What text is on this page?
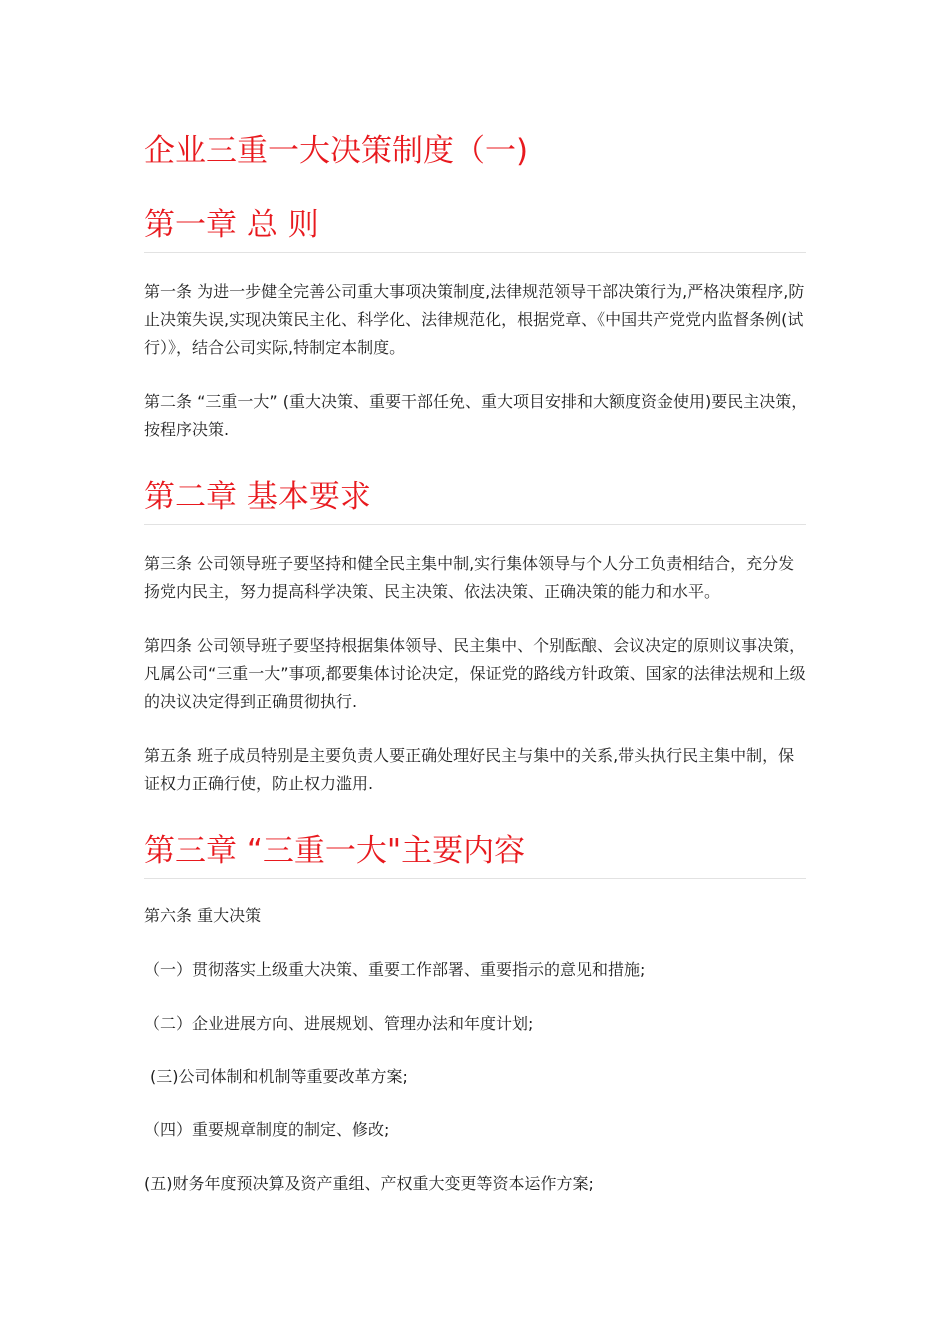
企业三重一大决策制度（一)
第一章 总 则

第一条 为进一步健全完善公司重大事项决策制度,法律规范领导干部决策行为,严格决策程序,防止决策失误,实现决策民主化、科学化、法律规范化，根据党章、《中国共产党党内监督条例(试行）》，结合公司实际,特制定本制度。

第二条 “三重一大” (重大决策、重要干部任免、重大项目安排和大额度资金使用)要民主决策，按程序决策.

第二章 基本要求

第三条 公司领导班子要坚持和健全民主集中制,实行集体领导与个人分工负责相结合，充分发扬党内民主，努力提高科学决策、民主决策、依法决策、正确决策的能力和水平。

第四条 公司领导班子要坚持根据集体领导、民主集中、个别酝酿、会议决定的原则议事决策，凡属公司“三重一大”事项,都要集体讨论决定，保证党的路线方针政策、国家的法律法规和上级的决议决定得到正确贯彻执行.

第五条 班子成员特别是主要负责人要正确处理好民主与集中的关系,带头执行民主集中制，保证权力正确行使，防止权力滥用.

第三章 “三重一大"主要内容
第六条 重大决策
（一）贯彻落实上级重大决策、重要工作部署、重要指示的意见和措施;
（二）企业进展方向、进展规划、管理办法和年度计划;
(三)公司体制和机制等重要改革方案;
（四）重要规章制度的制定、修改;
(五)财务年度预决算及资产重组、产权重大变更等资本运作方案;
